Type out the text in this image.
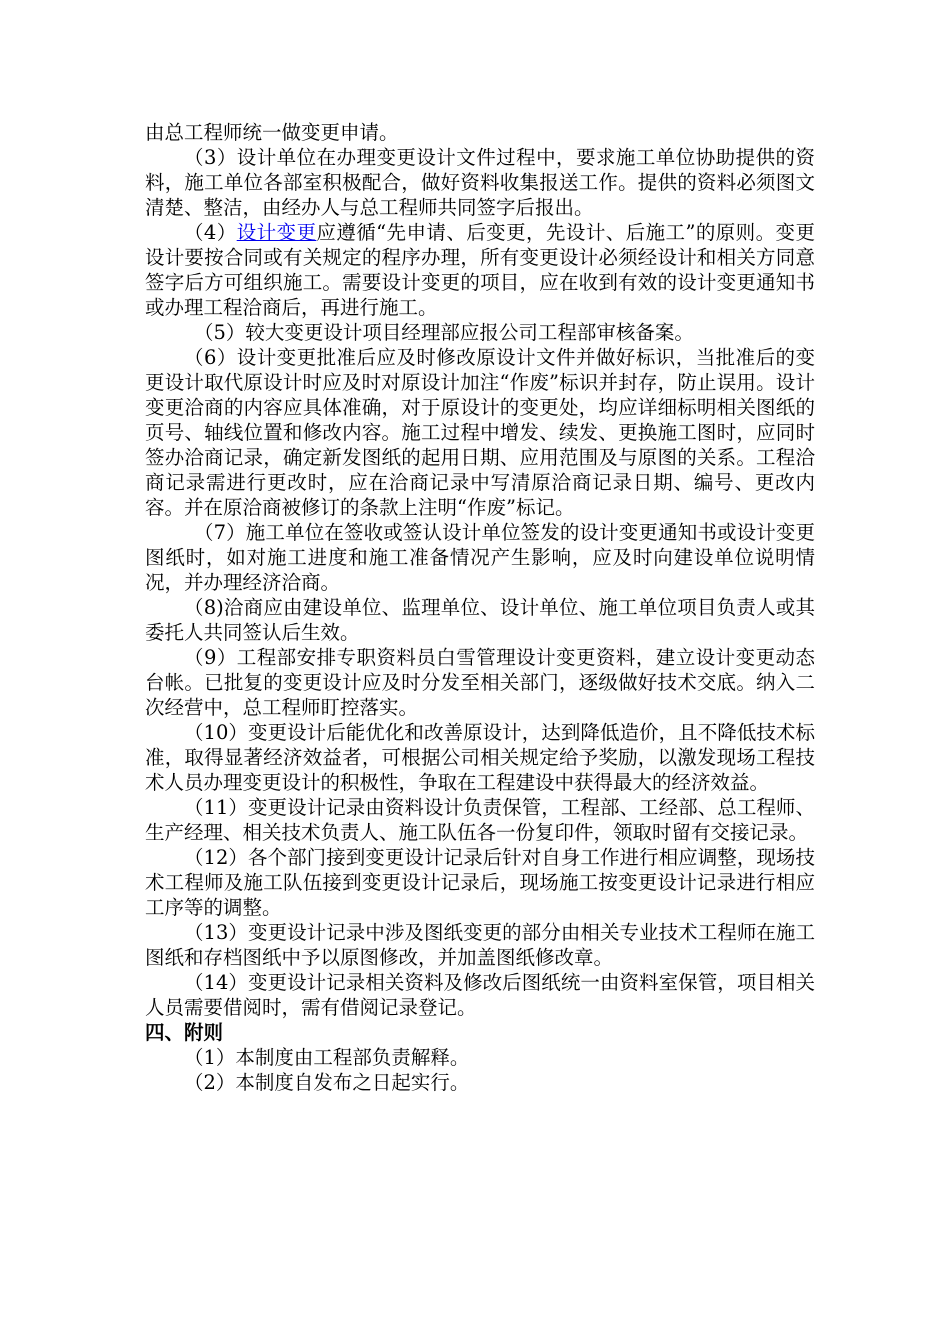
由总工程师统一做变更申请。

（3）设计单位在办理变更设计文件过程中，要求施工单位协助提供的资料，施工单位各部室积极配合，做好资料收集报送工作。提供的资料必须图文清楚、整洁，由经办人与总工程师共同签字后报出。

（4）设计变更应遵循“先申请、后变更，先设计、后施工”的原则。变更设计要按合同或有关规定的程序办理，所有变更设计必须经设计和相关方同意签字后方可组织施工。需要设计变更的项目，应在收到有效的设计变更通知书或办理工程洽商后，再进行施工。

（5）较大变更设计项目经理部应报公司工程部审核备案。

（6）设计变更批准后应及时修改原设计文件并做好标识，当批准后的变更设计取代原设计时应及时对原设计加注“作废”标识并封存，防止误用。设计变更洽商的内容应具体准确，对于原设计的变更处，均应详细标明相关图纸的页号、轴线位置和修改内容。施工过程中增发、续发、更换施工图时，应同时签办洽商记录，确定新发图纸的起用日期、应用范围及与原图的关系。工程洽商记录需进行更改时，应在洽商记录中写清原洽商记录日期、编号、更改内容。并在原洽商被修订的条款上注明“作废”标记。

（7）施工单位在签收或签认设计单位签发的设计变更通知书或设计变更图纸时，如对施工进度和施工准备情况产生影响，应及时向建设单位说明情况，并办理经济洽商。

（8)洽商应由建设单位、监理单位、设计单位、施工单位项目负责人或其委托人共同签认后生效。

（9）工程部安排专职资料员白雪管理设计变更资料，建立设计变更动态台帐。已批复的变更设计应及时分发至相关部门，逐级做好技术交底。纳入二次经营中，总工程师盯控落实。

（10）变更设计后能优化和改善原设计，达到降低造价，且不降低技术标准，取得显著经济效益者，可根据公司相关规定给予奖励，以激发现场工程技术人员办理变更设计的积极性，争取在工程建设中获得最大的经济效益。

（11）变更设计记录由资料设计负责保管，工程部、工经部、总工程师、生产经理、相关技术负责人、施工队伍各一份复印件，领取时留有交接记录。

（12）各个部门接到变更设计记录后针对自身工作进行相应调整，现场技术工程师及施工队伍接到变更设计记录后，现场施工按变更设计记录进行相应工序等的调整。

（13）变更设计记录中涉及图纸变更的部分由相关专业技术工程师在施工图纸和存档图纸中予以原图修改，并加盖图纸修改章。

（14）变更设计记录相关资料及修改后图纸统一由资料室保管，项目相关人员需要借阅时，需有借阅记录登记。

四、附则

（1）本制度由工程部负责解释。

（2）本制度自发布之日起实行。
